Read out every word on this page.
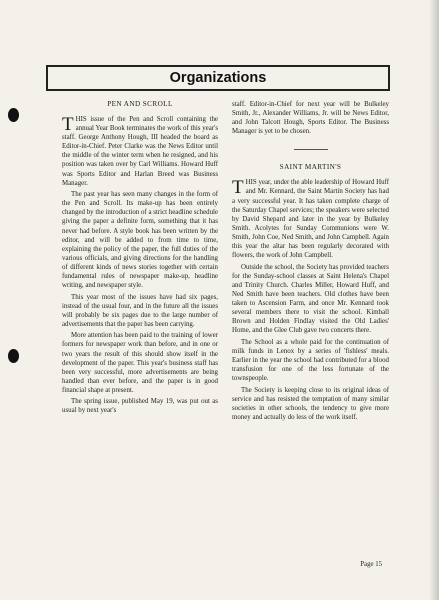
Organizations
PEN AND SCROLL

THIS issue of the Pen and Scroll containing the annual Year Book terminates the work of this year's staff. George Anthony Hough, III headed the board as Editor-in-Chief. Peter Clarke was the News Editor until the middle of the winter term when he resigned, and his position was taken over by Carl Williams. Howard Huff was Sports Editor and Harlan Breed was Business Manager.

The past year has seen many changes in the form of the Pen and Scroll. Its make-up has been entirely changed by the introduction of a strict headline schedule giving the paper a definite form, something that it has never had before. A style book has been written by the editor, and will be added to from time to time, explaining the policy of the paper, the full duties of the various officials, and giving directions for the handling of different kinds of news stories together with certain fundamental rules of newspaper make-up, headline writing, and newspaper style.

This year most of the issues have had six pages, instead of the usual four, and in the future all the issues will probably be six pages due to the large number of advertisements that the paper has been carrying.

More attention has been paid to the training of lower formers for newspaper work than before, and in one or two years the result of this should show itself in the development of the paper. This year's business staff has been very successful, more advertisements are being handled than ever before, and the paper is in good financial shape at present.

The spring issue, published May 19, was put out as usual by next year's

staff. Editor-in-Chief for next year will be Bulkeley Smith, Jr., Alexander Williams, Jr. will be News Editor, and John Talcott Hough, Sports Editor. The Business Manager is yet to be chosen.

SAINT MARTIN'S

THIS year, under the able leadership of Howard Huff and Mr. Kennard, the Saint Martin Society has had a very successful year. It has taken complete charge of the Saturday Chapel services; the speakers were selected by David Shepard and later in the year by Bulkeley Smith. Acolytes for Sunday Communions were W. Smith, John Coe, Ned Smith, and John Campbell. Again this year the altar has been regularly decorated with flowers, the work of John Campbell.

Outside the school, the Society has provided teachers for the Sunday-school classes at Saint Helena's Chapel and Trinity Church. Charles Miller, Howard Huff, and Ned Smith have been teachers. Old clothes have been taken to Ascension Farm, and once Mr. Kennard took several members there to visit the school. Kimball Brown and Holden Findlay visited the Old Ladies' Home, and the Glee Club gave two concerts there.

The School as a whole paid for the continuation of milk funds in Lenox by a series of 'fishless' meals. Earlier in the year the school had contributed for a blood transfusion for one of the less fortunate of the townspeople.

The Society is keeping close to its original ideas of service and has resisted the temptation of many similar societies in other schools, the tendency to give more money and actually do less of the work itself.

Page 15
